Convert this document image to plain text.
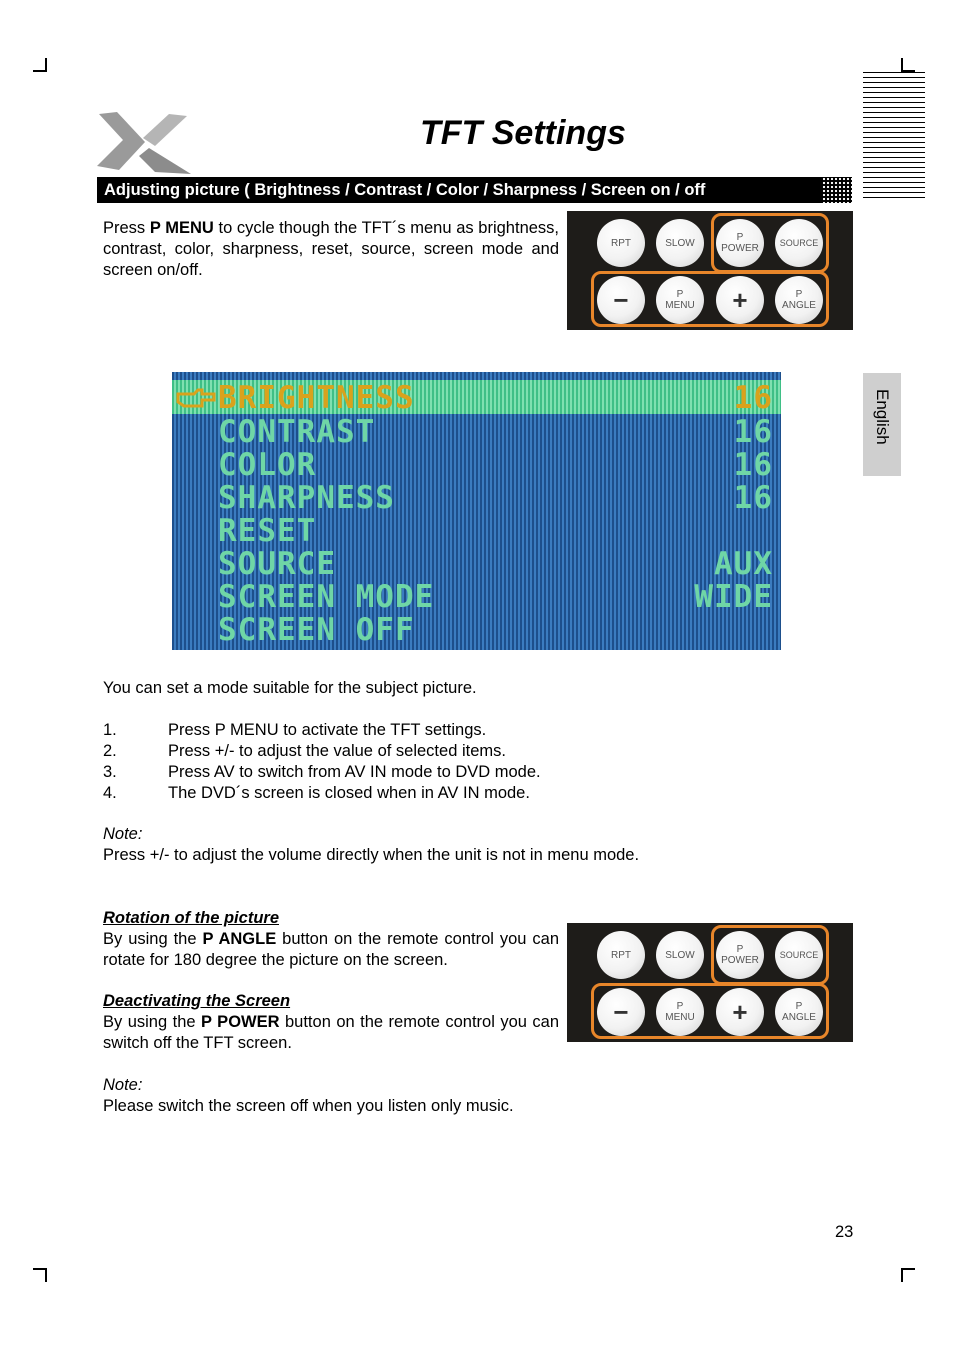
TFT Settings
Adjusting picture ( Brightness / Contrast / Color / Sharpness / Screen on / off

Press P MENU to cycle though the TFT´s menu as brightness, contrast, color, sharpness, reset, source, screen mode and screen on/off.

RPT	SLOW	P
POWER
SOURCE
−	P
MENU +	P
ANGLE
BRIGHTNESS	16
CONTRAST	16
COLOR	16
SHARPNESS	16
RESET
SOURCE	AUX
SCREEN MODE	WIDE
SCREEN OFF
English

You can set a mode suitable for the subject picture.

1.	Press P MENU to activate the TFT settings.
2.	Press +/- to adjust the value of selected items.
3.	Press AV to switch from AV IN mode to DVD mode.
4.	The DVD´s screen is closed when in AV IN mode.
Note:
Press +/- to adjust the volume directly when the unit is not in menu mode.
Rotation of the picture

By using the P ANGLE button on the remote control you can rotate for 180 degree the picture on the screen.

Deactivating the Screen

By using the P POWER button on the remote control you can switch off the TFT screen.

RPT	SLOW	P
POWER
SOURCE
−	P
MENU +	P
ANGLE
Note:
Please switch the screen off when you listen only music.
23
